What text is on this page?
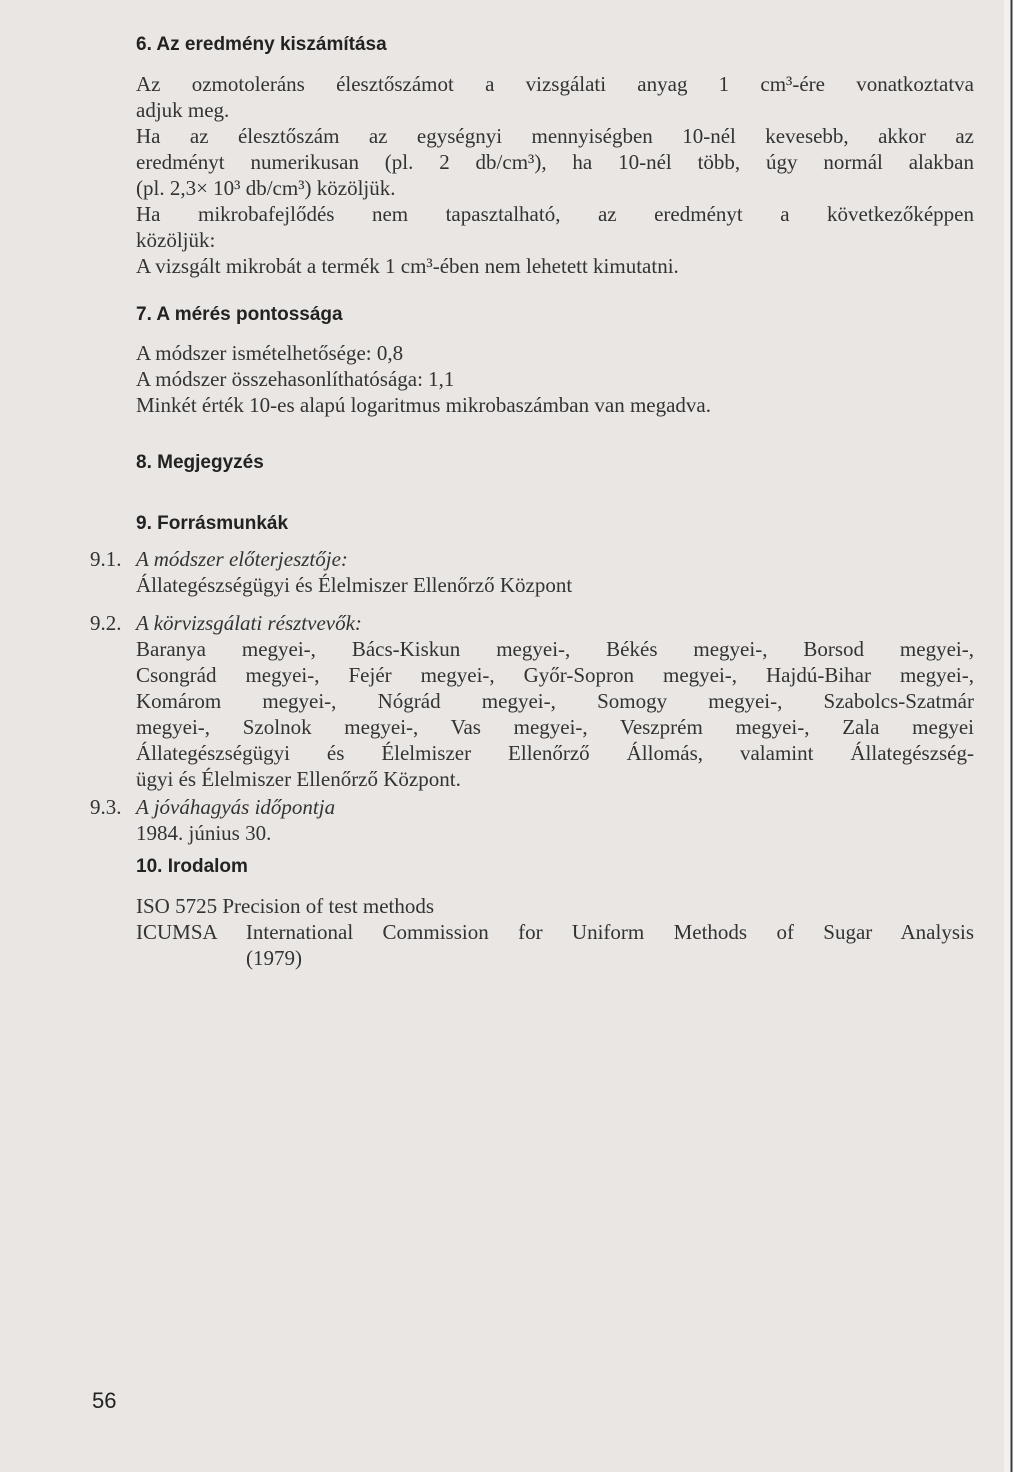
6. Az eredmény kiszámítása

Az ozmotoleráns élesztőszámot a vizsgálati anyag 1 cm³-ére vonatkoztatva

adjuk meg.

Ha az élesztőszám az egységnyi mennyiségben 10-nél kevesebb, akkor az

eredményt numerikusan (pl. 2 db/cm³), ha 10-nél több, úgy normál alakban

(pl. 2,3× 10³ db/cm³) közöljük.

Ha mikrobafejlődés nem tapasztalható, az eredményt a következőképpen

közöljük:

A vizsgált mikrobát a termék 1 cm³-ében nem lehetett kimutatni.

7. A mérés pontossága

A módszer ismételhetősége: 0,8

A módszer összehasonlíthatósága: 1,1

Minkét érték 10-es alapú logaritmus mikrobaszámban van megadva.

8. Megjegyzés
9. Forrásmunkák
9.1. A módszer előterjesztője:

Állategészségügyi és Élelmiszer Ellenőrző Központ

9.2. A körvizsgálati résztvevők:

Baranya megyei-, Bács-Kiskun megyei-, Békés megyei-, Borsod megyei-,

Csongrád megyei-, Fejér megyei-, Győr-Sopron megyei-, Hajdú-Bihar megyei-,

Komárom megyei-, Nógrád megyei-, Somogy megyei-, Szabolcs-Szatmár

megyei-, Szolnok megyei-, Vas megyei-, Veszprém megyei-, Zala megyei

Állategészségügyi és Élelmiszer Ellenőrző Állomás, valamint Állategészség-

ügyi és Élelmiszer Ellenőrző Központ.

9.3. A jóváhagyás időpontja

1984. június 30.

10. Irodalom

ISO 5725 Precision of test methods

ICUMSA International Commission for Uniform Methods of Sugar Analysis

(1979)

56
